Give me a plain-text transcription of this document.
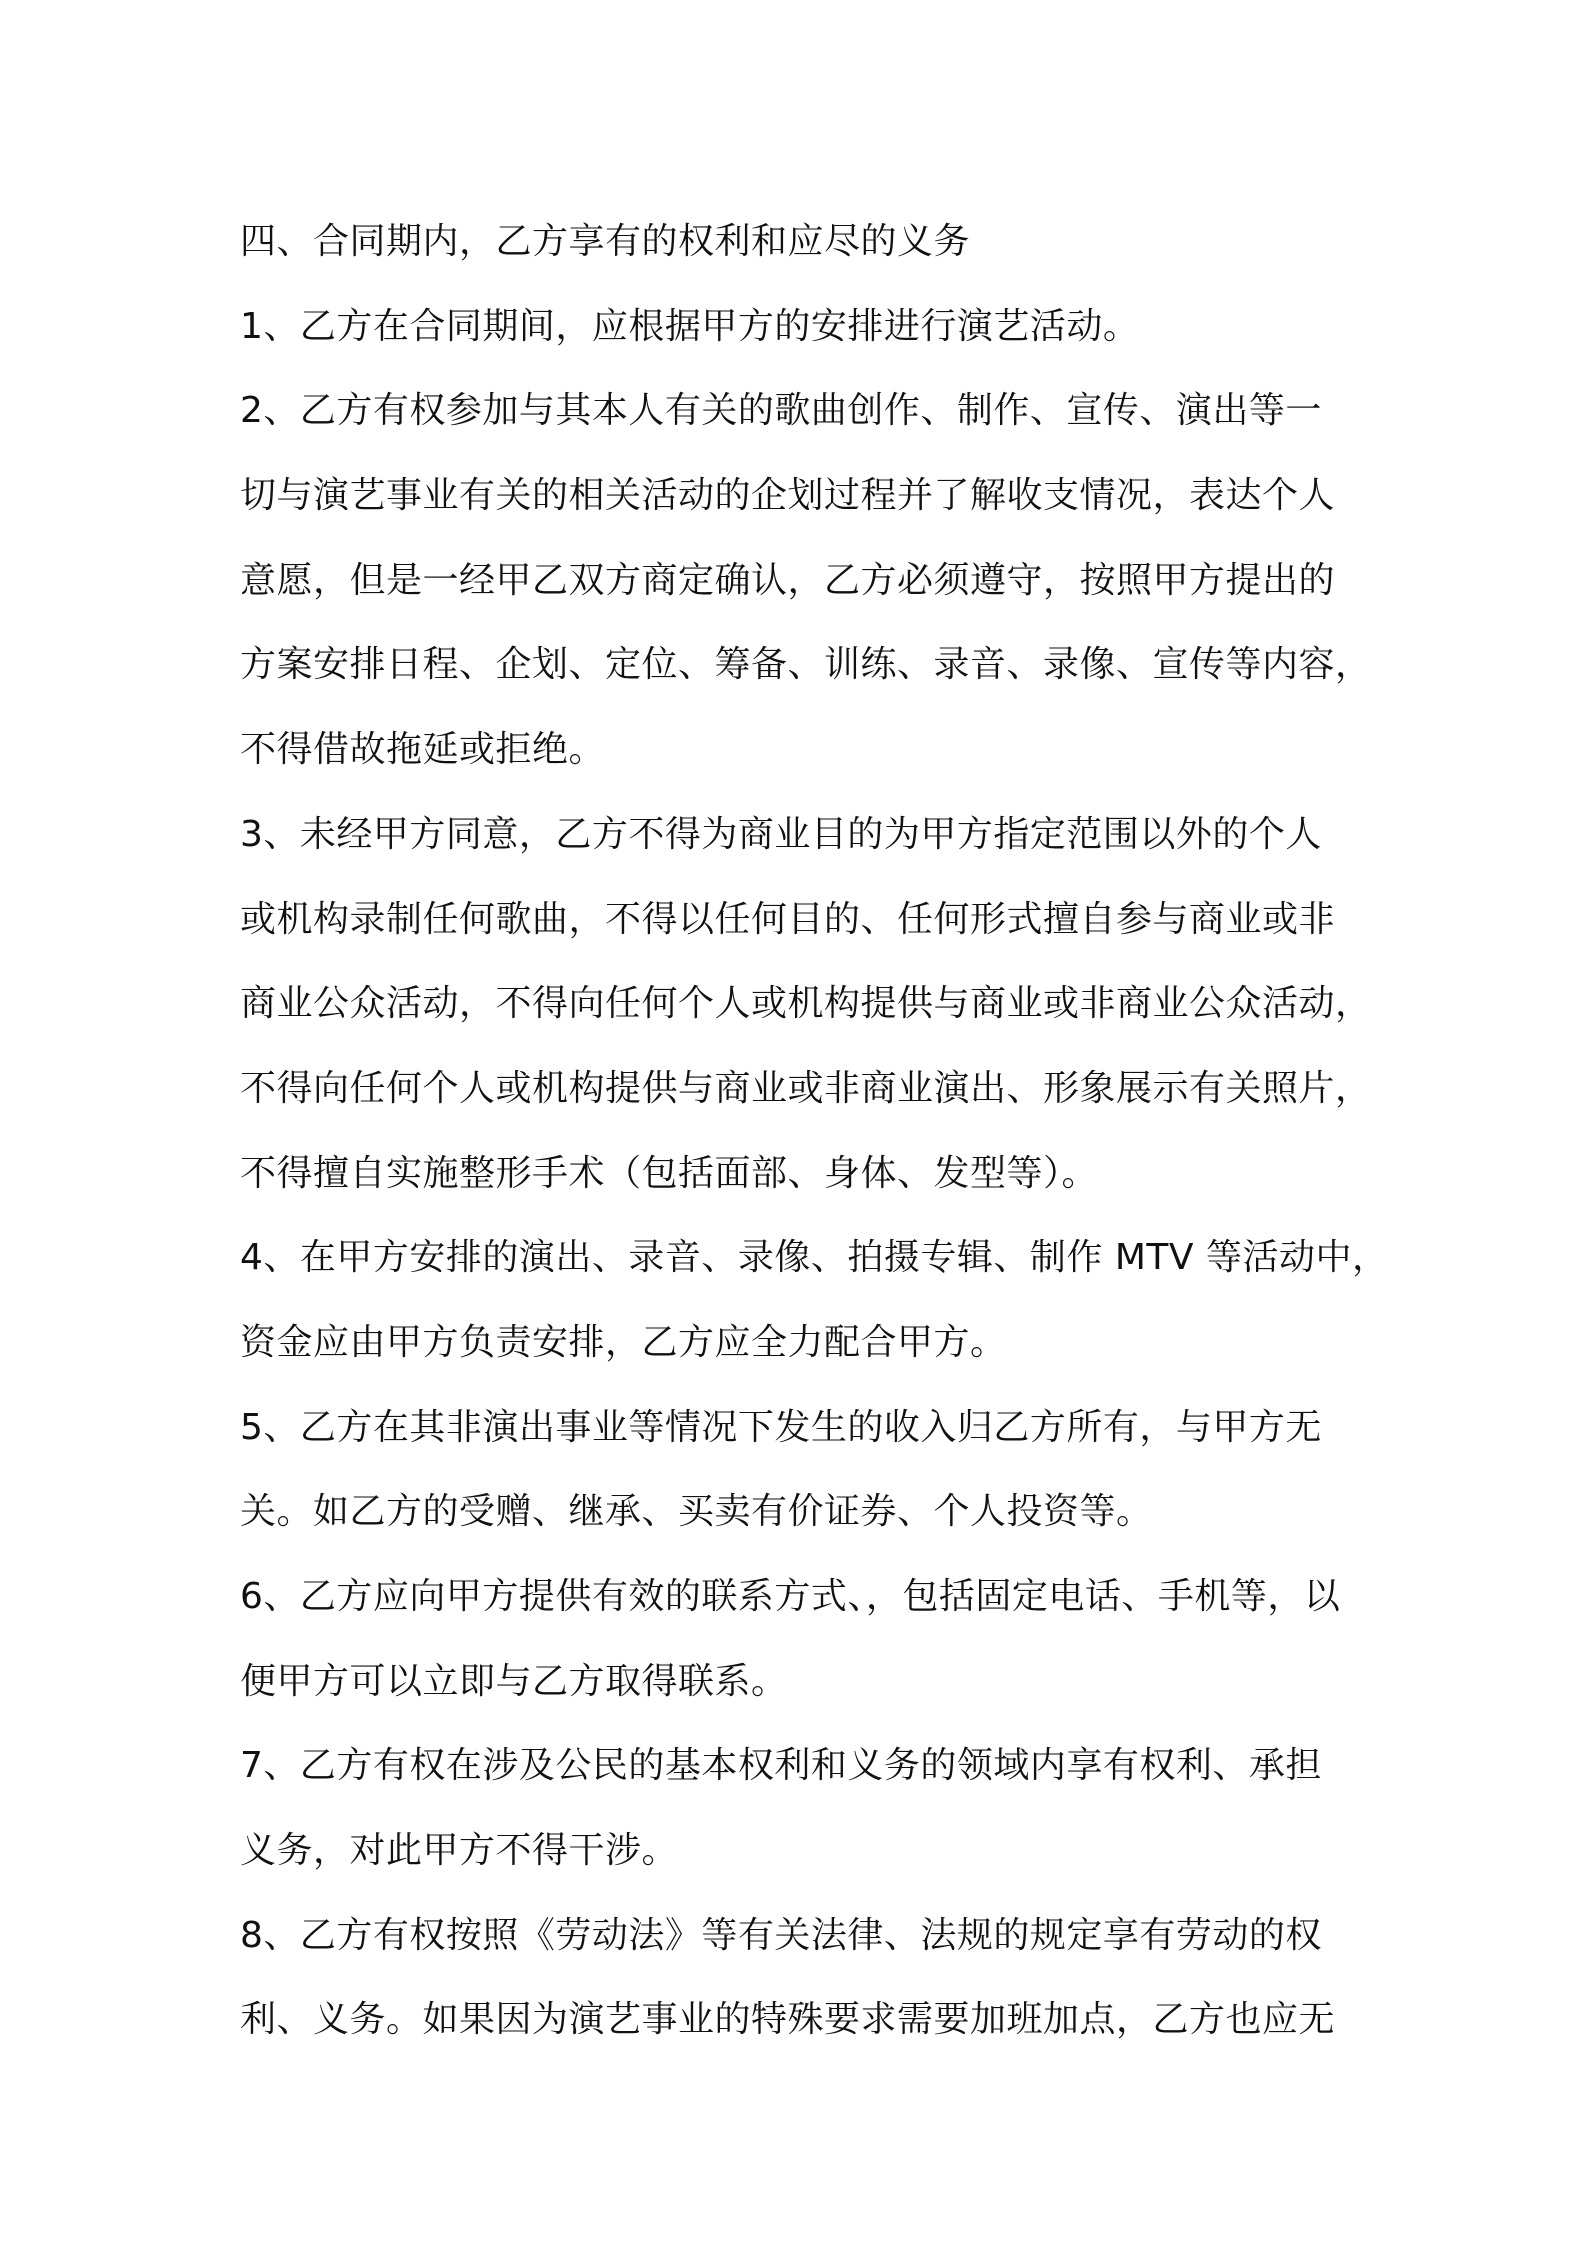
四、合同期内，乙方享有的权利和应尽的义务
1、乙方在合同期间，应根据甲方的安排进行演艺活动。
2、乙方有权参加与其本人有关的歌曲创作、制作、宣传、演出等一
切与演艺事业有关的相关活动的企划过程并了解收支情况，表达个人
意愿，但是一经甲乙双方商定确认，乙方必须遵守，按照甲方提出的
方案安排日程、企划、定位、筹备、训练、录音、录像、宣传等内容，
不得借故拖延或拒绝。
3、未经甲方同意，乙方不得为商业目的为甲方指定范围以外的个人
或机构录制任何歌曲，不得以任何目的、任何形式擅自参与商业或非
商业公众活动，不得向任何个人或机构提供与商业或非商业公众活动，
不得向任何个人或机构提供与商业或非商业演出、形象展示有关照片，
不得擅自实施整形手术（包括面部、身体、发型等）。
4、在甲方安排的演出、录音、录像、拍摄专辑、制作 MTV 等活动中，
资金应由甲方负责安排，乙方应全力配合甲方。
5、乙方在其非演出事业等情况下发生的收入归乙方所有，与甲方无
关。如乙方的受赠、继承、买卖有价证券、个人投资等。
6、乙方应向甲方提供有效的联系方式、，包括固定电话、手机等，以
便甲方可以立即与乙方取得联系。
7、乙方有权在涉及公民的基本权利和义务的领域内享有权利、承担
义务，对此甲方不得干涉。
8、乙方有权按照《劳动法》等有关法律、法规的规定享有劳动的权
利、义务。如果因为演艺事业的特殊要求需要加班加点，乙方也应无
